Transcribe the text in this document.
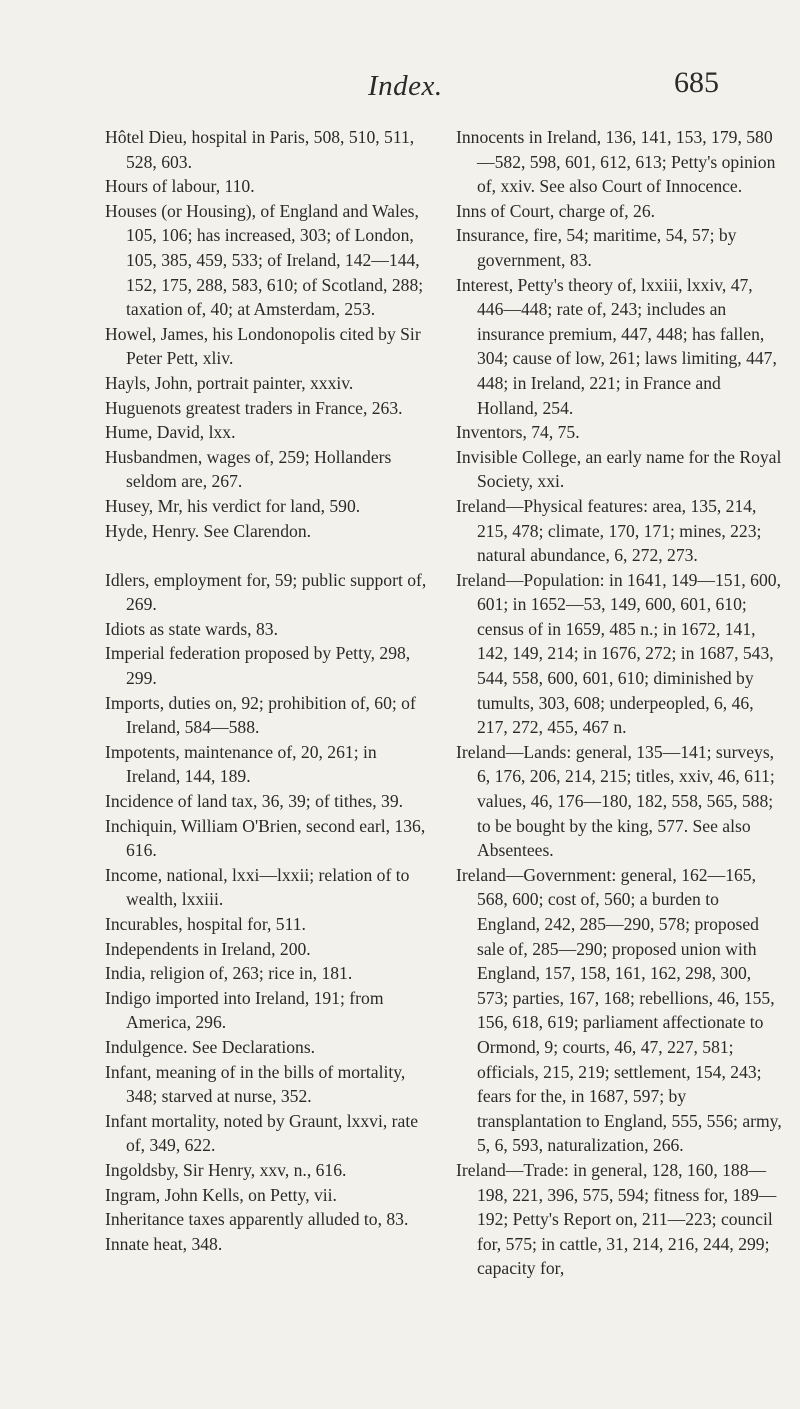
Index.	685
Hôtel Dieu, hospital in Paris, 508, 510, 511, 528, 603.
Hours of labour, 110.
Houses (or Housing), of England and Wales, 105, 106; has increased, 303; of London, 105, 385, 459, 533; of Ireland, 142—144, 152, 175, 288, 583, 610; of Scotland, 288; taxation of, 40; at Amsterdam, 253.
Howel, James, his Londonopolis cited by Sir Peter Pett, xliv.
Hayls, John, portrait painter, xxxiv.
Huguenots greatest traders in France, 263.
Hume, David, lxx.
Husbandmen, wages of, 259; Hollanders seldom are, 267.
Husey, Mr, his verdict for land, 590.
Hyde, Henry. See Clarendon.
Idlers, employment for, 59; public support of, 269.
Idiots as state wards, 83.
Imperial federation proposed by Petty, 298, 299.
Imports, duties on, 92; prohibition of, 60; of Ireland, 584—588.
Impotents, maintenance of, 20, 261; in Ireland, 144, 189.
Incidence of land tax, 36, 39; of tithes, 39.
Inchiquin, William O'Brien, second earl, 136, 616.
Income, national, lxxi—lxxii; relation of to wealth, lxxiii.
Incurables, hospital for, 511.
Independents in Ireland, 200.
India, religion of, 263; rice in, 181.
Indigo imported into Ireland, 191; from America, 296.
Indulgence. See Declarations.
Infant, meaning of in the bills of mortality, 348; starved at nurse, 352.
Infant mortality, noted by Graunt, lxxvi, rate of, 349, 622.
Ingoldsby, Sir Henry, xxv, n., 616.
Ingram, John Kells, on Petty, vii.
Inheritance taxes apparently alluded to, 83.
Innate heat, 348.
Innocents in Ireland, 136, 141, 153, 179, 580—582, 598, 601, 612, 613; Petty's opinion of, xxiv. See also Court of Innocence.
Inns of Court, charge of, 26.
Insurance, fire, 54; maritime, 54, 57; by government, 83.
Interest, Petty's theory of, lxxiii, lxxiv, 47, 446—448; rate of, 243; includes an insurance premium, 447, 448; has fallen, 304; cause of low, 261; laws limiting, 447, 448; in Ireland, 221; in France and Holland, 254.
Inventors, 74, 75.
Invisible College, an early name for the Royal Society, xxi.
Ireland—Physical features: area, 135, 214, 215, 478; climate, 170, 171; mines, 223; natural abundance, 6, 272, 273.
Ireland—Population: in 1641, 149—151, 600, 601; in 1652—53, 149, 600, 601, 610; census of in 1659, 485 n.; in 1672, 141, 142, 149, 214; in 1676, 272; in 1687, 543, 544, 558, 600, 601, 610; diminished by tumults, 303, 608; underpeopled, 6, 46, 217, 272, 455, 467 n.
Ireland—Lands: general, 135—141; surveys, 6, 176, 206, 214, 215; titles, xxiv, 46, 611; values, 46, 176—180, 182, 558, 565, 588; to be bought by the king, 577. See also Absentees.
Ireland—Government: general, 162—165, 568, 600; cost of, 560; a burden to England, 242, 285—290, 578; proposed sale of, 285—290; proposed union with England, 157, 158, 161, 162, 298, 300, 573; parties, 167, 168; rebellions, 46, 155, 156, 618, 619; parliament affectionate to Ormond, 9; courts, 46, 47, 227, 581; officials, 215, 219; settlement, 154, 243; fears for the, in 1687, 597; by transplantation to England, 555, 556; army, 5, 6, 593, naturalization, 266.
Ireland—Trade: in general, 128, 160, 188—198, 221, 396, 575, 594; fitness for, 189—192; Petty's Report on, 211—223; council for, 575; in cattle, 31, 214, 216, 244, 299; capacity for,
